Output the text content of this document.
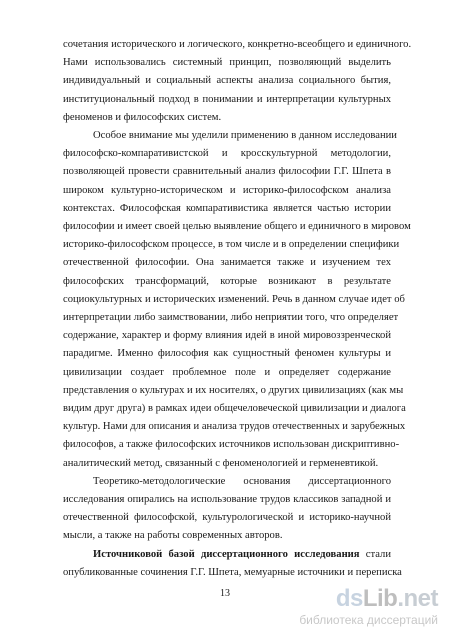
сочетания исторического и логического, конкретно-всеобщего и единичного.
Нами использовались системный принцип, позволяющий выделить
индивидуальный и социальный аспекты анализа социального бытия,
институциональный подход в понимании и интерпретации культурных
феноменов и философских систем.
Особое внимание мы уделили применению в данном исследовании
философско-компаративистской и кросскультурной методологии,
позволяющей провести сравнительный анализ философии Г.Г. Шпета в
широком культурно-историческом и историко-философском анализа
контекстах. Философская компаративистика является частью истории
философии и имеет своей целью выявление общего и единичного в мировом
историко-философском процессе, в том числе и в определении специфики
отечественной философии. Она занимается также и изучением тех
философских трансформаций, которые возникают в результате
социокультурных и исторических изменений. Речь в данном случае идет об
интерпретации либо заимствовании, либо неприятии того, что определяет
содержание, характер и форму влияния идей в иной мировоззренческой
парадигме. Именно философия как сущностный феномен культуры и
цивилизации создает проблемное поле и определяет содержание
представления о культурах и их носителях, о других цивилизациях (как мы
видим друг друга) в рамках идеи общечеловеческой цивилизации и диалога
культур. Нами для описания и анализа трудов отечественных и зарубежных
философов, а также философских источников использован дискриптивно-
аналитический метод, связанный с феноменологией и герменевтикой.
Теоретико-методологические основания диссертационного
исследования опирались на использование трудов классиков западной и
отечественной философской, культурологической и историко-научной
мысли, а также на работы современных авторов.
Источниковой базой диссертационного исследования стали
опубликованные сочинения Г.Г. Шпета, мемуарные источники и переписка
13	dsLib.net
библиотека диссертаций
